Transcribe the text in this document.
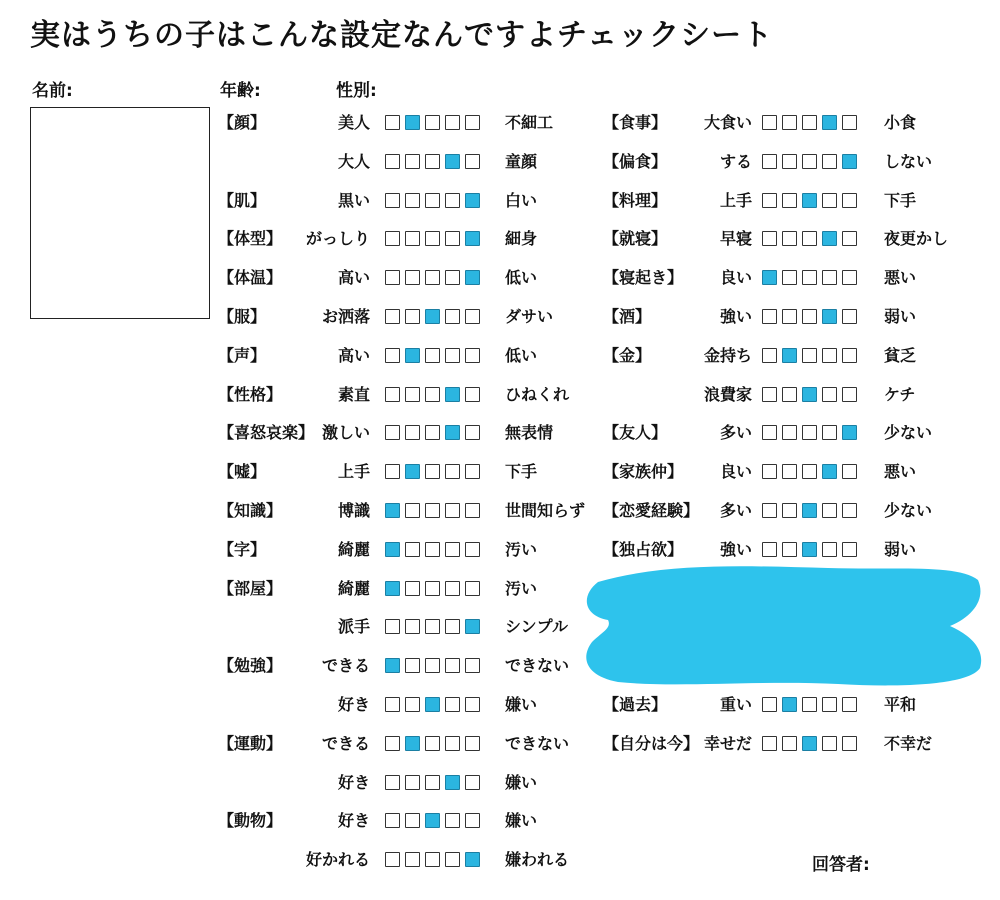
実はうちの子はこんな設定なんですよチェックシート
名前:	年齢:	性別:
【顔】	美人	不細工
大人	童顔
【肌】	黒い	白い
【体型】 がっしり	細身
【体温】	高い	低い
【服】	お洒落	ダサい
【声】	高い	低い
【性格】	素直	ひねくれ
【喜怒哀楽】 激しい	無表情
【嘘】	上手	下手
【知識】	博識	世間知らず
【字】	綺麗	汚い
【部屋】	綺麗	汚い
派手	シンプル
【勉強】 できる	できない
好き	嫌い
【運動】 できる	できない
好き	嫌い
【動物】	好き	嫌い
好かれる	嫌われる
【食事】 大食い	小食
【偏食】	する	しない
【料理】	上手	下手
【就寝】	早寝	夜更かし
【寝起き】 良い	悪い
【酒】	強い	弱い
【金】	金持ち	貧乏
浪費家	ケチ
【友人】	多い	少ない
【家族仲】 良い	悪い
【恋愛経験】 多い	少ない
【独占欲】 強い	弱い
【過去】	重い	平和
【自分は今】 幸せだ	不幸だ
回答者:
